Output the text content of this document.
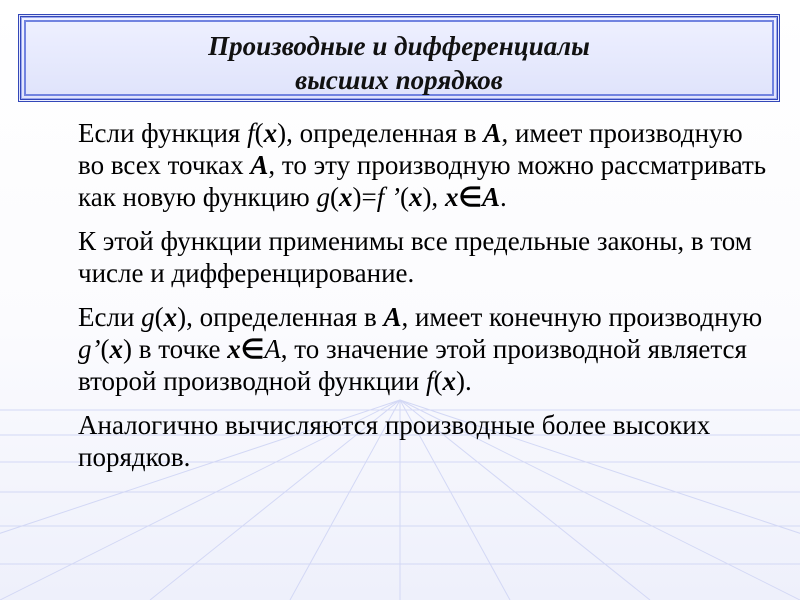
Производные и дифференциалы
высших порядков

Если функция f(x), определенная в A, имеет производную во всех точках A, то эту производную можно рассматривать как новую функцию g(x)=f ’(x), x∈A.

К этой функции применимы все предельные законы, в том числе и дифференцирование.

Если g(x), определенная в A, имеет конечную производную g’(x) в точке x∈A, то значение этой производной является второй производной функции f(x).

Аналогично вычисляются производные более высоких порядков.
